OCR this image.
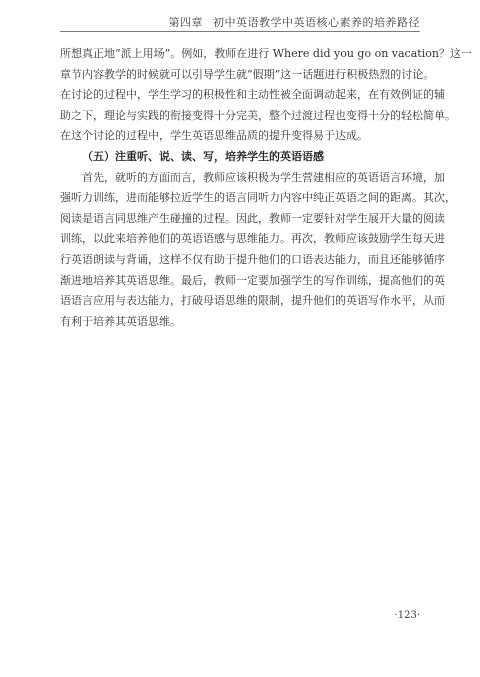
第四章 初中英语教学中英语核心素养的培养路径
所想真正地“派上用场”。例如，教师在进行 Where did you go on vacation？这一
章节内容教学的时候就可以引导学生就“假期”这一话题进行积极热烈的讨论。
在讨论的过程中，学生学习的积极性和主动性被全面调动起来，在有效例证的辅
助之下，理论与实践的衔接变得十分完美，整个过渡过程也变得十分的轻松简单。
在这个讨论的过程中，学生英语思维品质的提升变得易于达成。
（五）注重听、说、读、写，培养学生的英语语感
首先，就听的方面而言，教师应该积极为学生营建相应的英语语言环境，加
强听力训练，进而能够拉近学生的语言同听力内容中纯正英语之间的距离。其次，
阅读是语言同思维产生碰撞的过程。因此，教师一定要针对学生展开大量的阅读
训练，以此来培养他们的英语语感与思维能力。再次，教师应该鼓励学生每天进
行英语朗读与背诵，这样不仅有助于提升他们的口语表达能力，而且还能够循序
渐进地培养其英语思维。最后，教师一定要加强学生的写作训练，提高他们的英
语语言应用与表达能力，打破母语思维的限制，提升他们的英语写作水平，从而
有利于培养其英语思维。
·123·
